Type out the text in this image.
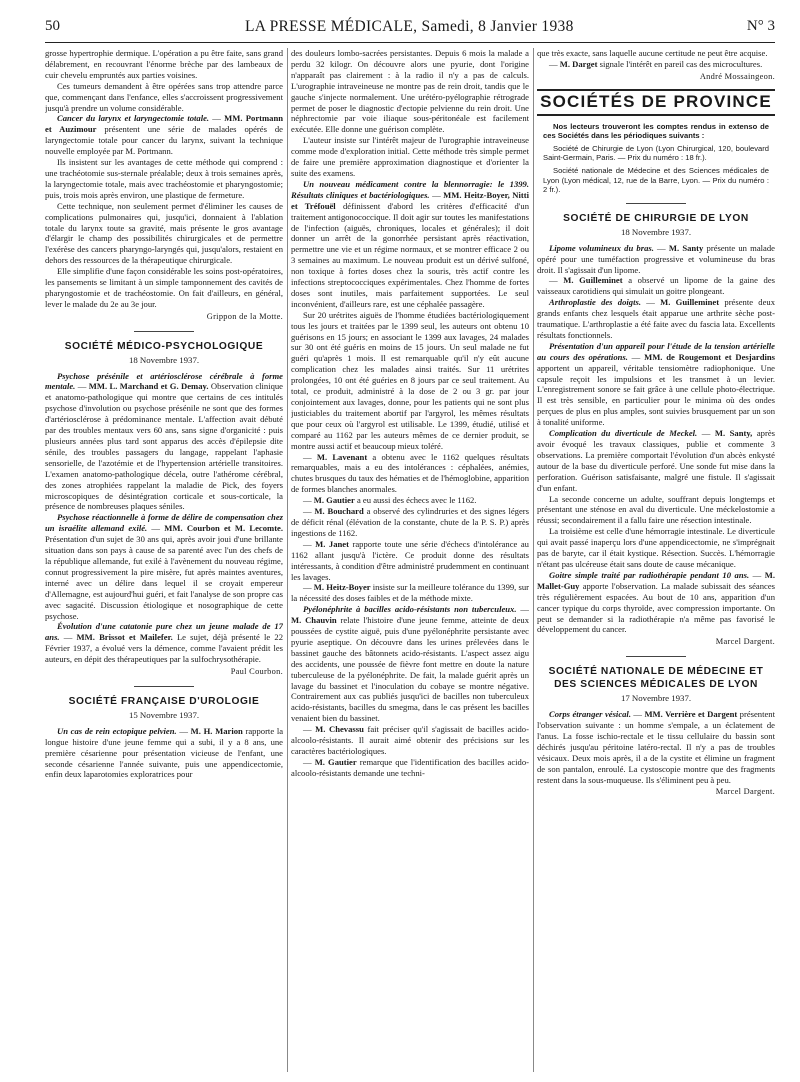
50	LA PRESSE MÉDICALE, Samedi, 8 Janvier 1938	N° 3

grosse hypertrophie dermique. L'opération a pu être faite, sans grand délabrement, en recouvrant l'énorme brèche par des lambeaux de cuir chevelu empruntés aux parties voisines.

Ces tumeurs demandent à être opérées sans trop attendre parce que, commençant dans l'enfance, elles s'accroissent progressivement jusqu'à prendre un volume considérable.

Cancer du larynx et laryngectomie totale. — MM. Portmann et Auzimour présentent une série de malades opérés de laryngectomie totale pour cancer du larynx, suivant la technique nouvelle employée par M. Portmann.

Ils insistent sur les avantages de cette méthode qui comprend : une trachéotomie sus-sternale préalable; deux à trois semaines après, la laryngectomie totale, mais avec trachéostomie et pharyngostomie; puis, trois mois après environ, une plastique de fermeture.

Cette technique, non seulement permet d'éliminer les causes de complications pulmonaires qui, jusqu'ici, donnaient à l'ablation totale du larynx toute sa gravité, mais présente le gros avantage d'élargir le champ des possibilités chirurgicales et de permettre l'exérèse des cancers pharyngo-laryngés qui, jusqu'alors, restaient en dehors des ressources de la thérapeutique chirurgicale.

Elle simplifie d'une façon considérable les soins post-opératoires, les pansements se limitant à un simple tamponnement des cavités de pharyngostomie et de trachéostomie. On fait d'ailleurs, en général, lever le malade du 2e au 3e jour.

Grippon de la Motte.
SOCIÉTÉ MÉDICO-PSYCHOLOGIQUE
18 Novembre 1937.

Psychose présénile et artériosclérose cérébrale à forme mentale. — MM. L. Marchand et G. Demay. Observation clinique et anatomo-pathologique qui montre que certains de ces intitulés psychose d'involution ou psychose présénile ne sont que des formes d'artériosclérose à prédominance mentale. L'affection avait débuté par des troubles mentaux vers 60 ans, sans signe d'organicité : puis plusieurs années plus tard sont apparus des accès d'épilepsie dite sénile, des troubles passagers du langage, rappelant l'aphasie sensorielle, de l'azotémie et de l'hypertension artérielle transitoires. L'examen anatomo-pathologique décela, outre l'athérome cérébral, des zones atrophiées rappelant la maladie de Pick, des foyers microscopiques de désintégration corticale et sous-corticale, la présence de nombreuses plaques séniles.

Psychose réactionnelle à forme de délire de compensation chez un israélite allemand exilé. — MM. Courbon et M. Lecomte. Présentation d'un sujet de 30 ans qui, après avoir joui d'une brillante situation dans son pays à cause de sa parenté avec l'un des chefs de la république allemande, fut exilé à l'avènement du nouveau régime, connut progressivement la pire misère, fut après maintes aventures, interné avec un délire dans lequel il se croyait empereur d'Allemagne, est aujourd'hui guéri, et fait l'analyse de son propre cas avec sagacité. Discussion étiologique et nosographique de cette psychose.

Évolution d'une catatonie pure chez un jeune malade de 17 ans. — MM. Brissot et Mailefer. Le sujet, déjà présenté le 22 Février 1937, a évolué vers la démence, comme l'avaient prédit les auteurs, en dépit des thérapeutiques par la sulfochrysothérapie.

Paul Courbon.
SOCIÉTÉ FRANÇAISE D'UROLOGIE
15 Novembre 1937.

Un cas de rein ectopique pelvien. — M. H. Marion rapporte la longue histoire d'une jeune femme qui a subi, il y a 8 ans, une première césarienne pour présentation vicieuse de l'enfant, une seconde césarienne l'année suivante, puis une appendicectomie, enfin deux laparotomies exploratrices pour

des douleurs lombo-sacrées persistantes. Depuis 6 mois la malade a perdu 32 kilogr. On découvre alors une pyurie, dont l'origine n'apparaît pas clairement : à la radio il n'y a pas de calculs. L'urographie intraveineuse ne montre pas de rein droit, tandis que le gauche s'injecte normalement. Une urétéro-pyélographie rétrograde permet de poser le diagnostic d'ectopie pelvienne du rein droit. Une néphrectomie par voie iliaque sous-péritonéale est facilement exécutée. Elle donne une guérison complète.

L'auteur insiste sur l'intérêt majeur de l'urographie intraveineuse comme mode d'exploration initial. Cette méthode très simple permet de faire une première approximation diagnostique et d'orienter la suite des examens.

Un nouveau médicament contre la blennorragie: le 1399. Résultats cliniques et bactériologiques. — MM. Heitz-Boyer, Nitti et Tréfouël définissent d'abord les critères d'efficacité d'un traitement antigonococcique. Il doit agir sur toutes les manifestations de l'infection (aiguës, chroniques, locales et générales); il doit donner un arrêt de la gonorrhée persistant après réactivation, permettre une vie et un régime normaux, et se montrer efficace 2 ou 3 semaines au maximum. Le nouveau produit est un dérivé sulfoné, non toxique à fortes doses chez la souris, très actif contre les infections streptococciques expérimentales. Chez l'homme de fortes doses sont inutiles, mais parfaitement supportées. Le seul inconvénient, d'ailleurs rare, est une céphalée passagère.

Sur 20 urétrites aiguës de l'homme étudiées bactériologiquement tous les jours et traitées par le 1399 seul, les auteurs ont obtenu 10 guérisons en 15 jours; en associant le 1399 aux lavages, 24 malades sur 30 ont été guéris en moins de 15 jours. Un seul malade ne fut guéri qu'après 1 mois. Il est remarquable qu'il n'y eût aucune complication chez les malades ainsi traités. Sur 11 urétrites prolongées, 10 ont été guéries en 8 jours par ce seul traitement. Au total, ce produit, administré à la dose de 2 ou 3 gr. par jour conjointement aux lavages, donne, pour les patients qui ne sont plus justiciables du traitement abortif par l'argyrol, les mêmes résultats que pour ceux où l'argyrol est utilisable. Le 1399, étudié, utilisé et comparé au 1162 par les auteurs mêmes de ce dernier produit, se montre aussi actif et beaucoup mieux toléré.

— M. Lavenant a obtenu avec le 1162 quelques résultats remarquables, mais a eu des intolérances : céphalées, anémies, chutes brusques du taux des hématies et de l'hémoglobine, apparition de formes blanches anormales.

— M. Gautier a eu aussi des échecs avec le 1162.

— M. Bouchard a observé des cylindruries et des signes légers de déficit rénal (élévation de la constante, chute de la P. S. P.) après ingestions de 1162.

— M. Janet rapporte toute une série d'échecs d'intolérance au 1162 allant jusqu'à l'ictère. Ce produit donne des résultats intéressants, à condition d'être administré prudemment en continuant les lavages.

— M. Heitz-Boyer insiste sur la meilleure tolérance du 1399, sur la nécessité des doses faibles et de la méthode mixte.

Pyélonéphrite à bacilles acido-résistants non tuberculeux. — M. Chauvin relate l'histoire d'une jeune femme, atteinte de deux poussées de cystite aiguë, puis d'une pyélonéphrite persistante avec pyurie aseptique. On découvre dans les urines prélevées dans le bassinet gauche des bâtonnets acido-résistants. L'aspect assez aigu des accidents, une poussée de fièvre font mettre en doute la nature tuberculeuse de la pyélonéphrite. De fait, la malade guérit après un lavage du bassinet et l'inoculation du cobaye se montre négative. Contrairement aux cas publiés jusqu'ici de bacilles non tuberculeux acido-résistants, bacilles du smegma, dans le cas présent les bacilles venaient bien du bassinet.

— M. Chevassu fait préciser qu'il s'agissait de bacilles acido-alcoolo-résistants. Il aurait aimé obtenir des précisions sur les caractères bactériologiques.

— M. Gautier remarque que l'identification des bacilles acido-alcoolo-résistants demande une techni-

que très exacte, sans laquelle aucune certitude ne peut être acquise.

— M. Darget signale l'intérêt en pareil cas des microcultures.

André Mossaingeon.
SOCIÉTÉS DE PROVINCE
Nos lecteurs trouveront les comptes rendus in extenso de ces Sociétés dans les périodiques suivants :
Société de Chirurgie de Lyon (Lyon Chirurgical, 120, boulevard Saint-Germain, Paris. — Prix du numéro : 18 fr.).
Société nationale de Médecine et des Sciences médicales de Lyon (Lyon médical, 12, rue de la Barre, Lyon. — Prix du numéro : 2 fr.).
SOCIÉTÉ DE CHIRURGIE DE LYON
18 Novembre 1937.

Lipome volumineux du bras. — M. Santy présente un malade opéré pour une tuméfaction progressive et volumineuse du bras droit. Il s'agissait d'un lipome.

— M. Guilleminet a observé un lipome de la gaine des vaisseaux carotidiens qui simulait un goitre plongeant.

Arthroplastie des doigts. — M. Guilleminet présente deux grands enfants chez lesquels était apparue une arthrite sèche post-traumatique. L'arthroplastie a été faite avec du fascia lata. Excellents résultats fonctionnels.

Présentation d'un appareil pour l'étude de la tension artérielle au cours des opérations. — MM. de Rougemont et Desjardins apportent un appareil, véritable tensiomètre radiophonique. Une capsule reçoit les impulsions et les transmet à un levier. L'enregistrement sonore se fait grâce à une cellule photo-électrique. Il est très sensible, en particulier pour le minima où des ondes perçues de plus en plus amples, sont suivies brusquement par un son à tonalité uniforme.

Complication du diverticule de Meckel. — M. Santy, après avoir évoqué les travaux classiques, publie et commente 3 observations. La première comportait l'évolution d'un abcès enkysté autour de la base du diverticule perforé. Une sonde fut mise dans la perforation. Guérison satisfaisante, malgré une fistule. Il s'agissait d'un enfant.

La seconde concerne un adulte, souffrant depuis longtemps et présentant une sténose en aval du diverticule. Une méckelostomie a réussi; secondairement il a fallu faire une résection intestinale.

La troisième est celle d'une hémorragie intestinale. Le diverticule qui avait passé inaperçu lors d'une appendicectomie, ne s'imprégnait pas de baryte, car il était kystique. Résection. Succès. L'hémorragie n'étant pas ulcéreuse était sans doute de cause mécanique.

Goitre simple traité par radiothérapie pendant 10 ans. — M. Mallet-Guy apporte l'observation. La malade subissait des séances très régulièrement espacées. Au bout de 10 ans, apparition d'un cancer typique du corps thyroïde, avec compression importante. On peut se demander si la radiothérapie n'a même pas favorisé le développement du cancer.

Marcel Dargent.
SOCIÉTÉ NATIONALE DE MÉDECINE ET DES SCIENCES MÉDICALES DE LYON
17 Novembre 1937.

Corps étranger vésical. — MM. Verrière et Dargent présentent l'observation suivante : un homme s'empale, a un éclatement de l'anus. La fosse ischio-rectale et le tissu cellulaire du bassin sont déchirés jusqu'au péritoine latéro-rectal. Il n'y a pas de troubles vésicaux. Deux mois après, il a de la cystite et élimine un fragment de son pantalon, enroulé. La cystoscopie montre que des fragments restent dans la sous-muqueuse. Ils s'éliminent peu à peu.

Marcel Dargent.
